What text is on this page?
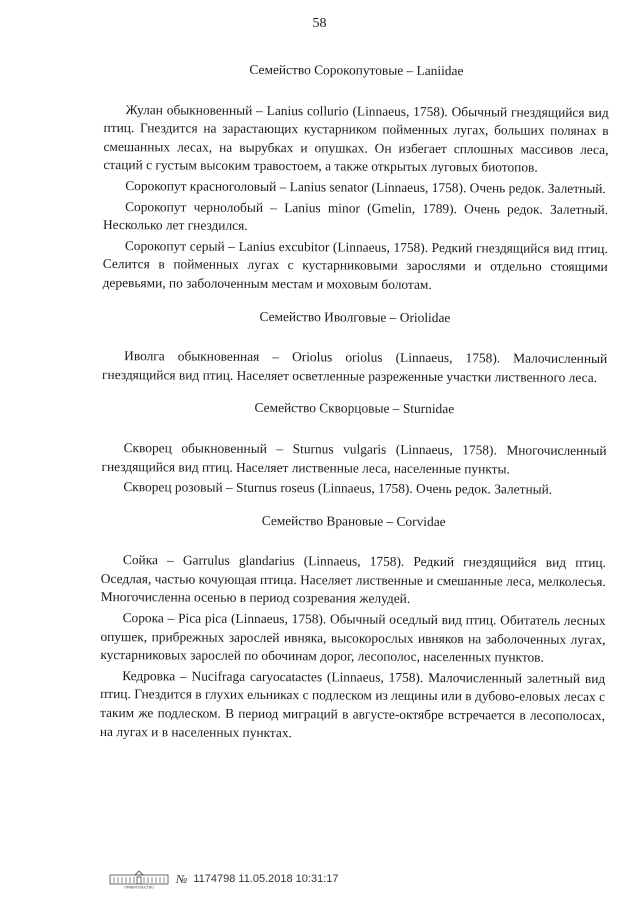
58

Семейство Сорокопутовые – Laniidae

Жулан обыкновенный – Lanius collurio (Linnaeus, 1758). Обычный гнездящийся вид птиц. Гнездится на зарастающих кустарником пойменных лугах, больших полянах в смешанных лесах, на вырубках и опушках. Он избегает сплошных массивов леса, стаций с густым высоким травостоем, а также открытых луговых биотопов.

Сорокопут красноголовый – Lanius senator (Linnaeus, 1758). Очень редок. Залетный.

Сорокопут чернолобый – Lanius minor (Gmelin, 1789). Очень редок. Залетный. Несколько лет гнездился.

Сорокопут серый – Lanius excubitor (Linnaeus, 1758). Редкий гнездящийся вид птиц. Селится в пойменных лугах с кустарниковыми зарослями и отдельно стоящими деревьями, по заболоченным местам и моховым болотам.

Семейство Иволговые – Oriolidae

Иволга обыкновенная – Oriolus oriolus (Linnaeus, 1758). Малочисленный гнездящийся вид птиц. Населяет осветленные разреженные участки лиственного леса.

Семейство Скворцовые – Sturnidae

Скворец обыкновенный – Sturnus vulgaris (Linnaeus, 1758). Многочисленный гнездящийся вид птиц. Населяет лиственные леса, населенные пункты.

Скворец розовый – Sturnus roseus (Linnaeus, 1758). Очень редок. Залетный.

Семейство Врановые – Corvidae

Сойка – Garrulus glandarius (Linnaeus, 1758). Редкий гнездящийся вид птиц. Оседлая, частью кочующая птица. Населяет лиственные и смешанные леса, мелколесья. Многочисленна осенью в период созревания желудей.

Сорока – Pica pica (Linnaeus, 1758). Обычный оседлый вид птиц. Обитатель лесных опушек, прибрежных зарослей ивняка, высокорослых ивняков на заболоченных лугах, кустарниковых зарослей по обочинам дорог, лесополос, населенных пунктов.

Кедровка – Nucifraga caryocatactes (Linnaeus, 1758). Малочисленный залетный вид птиц. Гнездится в глухих ельниках с подлеском из лещины или в дубово-еловых лесах с таким же подлеском. В период миграций в августе-октябре встречается в лесополосах, на лугах и в населенных пунктах.

ПРАВИТЕЛЬСТВО
№ 1174798 11.05.2018 10:31:17
